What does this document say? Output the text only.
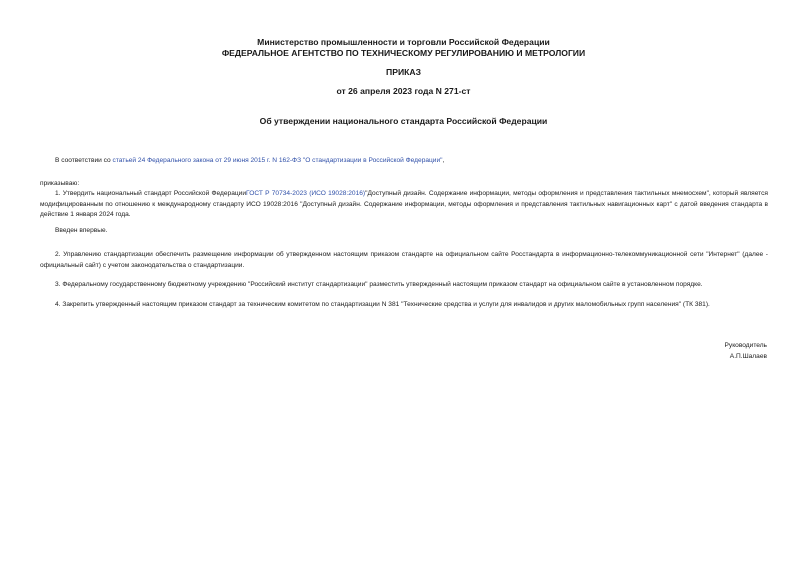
Министерство промышленности и торговли Российской Федерации
ФЕДЕРАЛЬНОЕ АГЕНТСТВО ПО ТЕХНИЧЕСКОМУ РЕГУЛИРОВАНИЮ И МЕТРОЛОГИИ
ПРИКАЗ
от 26 апреля 2023 года N 271-ст
Об утверждении национального стандарта Российской Федерации
В соответствии со статьей 24 Федерального закона от 29 июня 2015 г. N 162-ФЗ "О стандартизации в Российской Федерации",
приказываю:
1. Утвердить национальный стандарт Российской ФедерацииГОСТ Р 70734-2023 (ИСО 19028:2016)"Доступный дизайн. Содержание информации, методы оформления и представления тактильных мнемосхем", который является модифицированным по отношению к международному стандарту ИСО 19028:2016 "Доступный дизайн. Содержание информации, методы оформления и представления тактильных навигационных карт" с датой введения стандарта в действие 1 января 2024 года.
Введен впервые.
2. Управлению стандартизации обеспечить размещение информации об утвержденном настоящим приказом стандарте на официальном сайте Росстандарта в информационно-телекоммуникационной сети "Интернет" (далее - официальный сайт) с учетом законодательства о стандартизации.
3. Федеральному государственному бюджетному учреждению "Российский институт стандартизации" разместить утвержденный настоящим приказом стандарт на официальном сайте в установленном порядке.
4. Закрепить утвержденный настоящим приказом стандарт за техническим комитетом по стандартизации N 381 "Технические средства и услуги для инвалидов и других маломобильных групп населения" (ТК 381).
Руководитель
А.П.Шалаев
